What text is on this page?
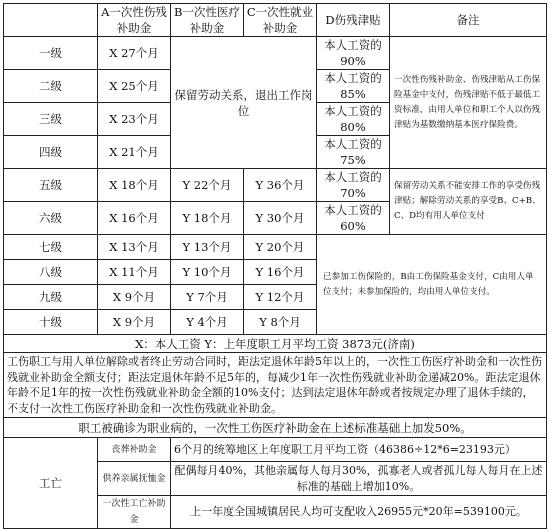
	A一次性伤残补助金	B一次性医疗补助金	C一次性就业补助金	D伤残津贴	备注
一级	X 27个月	保留劳动关系，退出工作岗位		本人工资的90%	一次性伤残补助金、伤残津贴从工伤保险基金中支付，伤残津贴不低于最低工资标准，由用人单位和职工个人以伤残津贴为基数缴纳基本医疗保险费。
二级	X 25个月			本人工资的85%	
三级	X 23个月			本人工资的80%	
四级	X 21个月			本人工资的75%	
五级	X 18个月	Y 22个月	Y 36个月	本人工资的70%	保留劳动关系不能安排工作的享受伤残津贴；解除劳动关系的享受B、C+B、C、D均有用人单位支付
六级	X 16个月	Y 18个月	Y 30个月	本人工资的60%	
七级	X 13个月	Y 13个月	Y 20个月	已参加工伤保险的，B由工伤保险基金支付，C由用人单位支付；未参加保险的，均由用人单位支付。	
八级	X 11个月	Y 10个月	Y 16个月		
九级	X 9个月	Y 7个月	Y 12个月		
十级	X 9个月	Y 4个月	Y 8个月		
X：本人工资 Y：上年度职工月平均工资 3873元(济南)					
工伤职工与用人单位解除或者终止劳动合同时，距法定退休年龄5年以上的，一次性工伤医疗补助金和一次性伤残就业补助金全额支付；距法定退休年龄不足5年的，每减少1年一次性伤残就业补助金递减20%。距法定退休年龄不足1年的按一次性伤残就业补助金全额的10%支付；达到法定退休年龄或者按规定办理了退休手续的，不支付一次性工伤医疗补助金和一次性伤残就业补助金。					
职工被确诊为职业病的，一次性工伤医疗补助金在上述标准基础上加发50%。					
工亡	丧葬补助金	6个月的统筹地区上年度职工月平均工资（46386÷12*6=23193元）			
	供养亲属抚恤金	配偶每月40%，其他亲属每人每月30%，孤寡老人或者孤儿每人每月在上述标准的基础上增加10%。			
	一次性工亡补助金	上一年度全国城镇居民人均可支配收入26955元*20年=539100元。			
